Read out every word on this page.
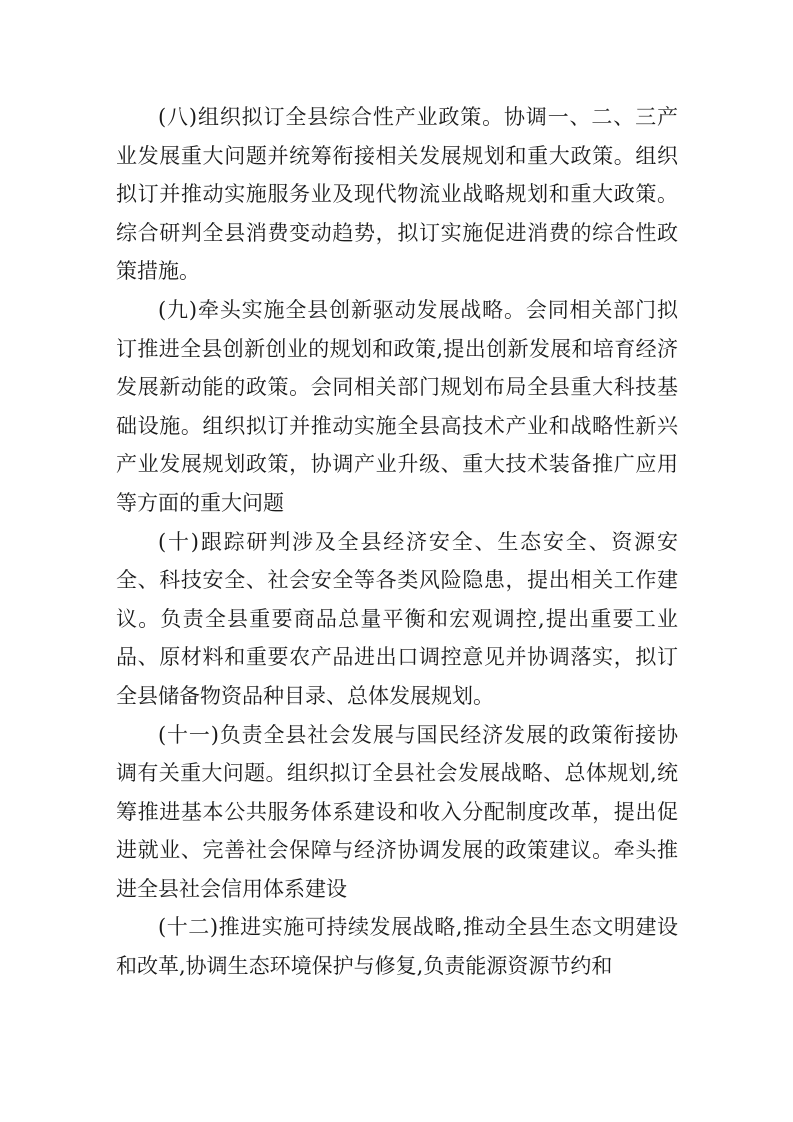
(八)组织拟订全县综合性产业政策。协调一、二、三产业发展重大问题并统筹衔接相关发展规划和重大政策。组织拟订并推动实施服务业及现代物流业战略规划和重大政策。综合研判全县消费变动趋势，拟订实施促进消费的综合性政策措施。

(九)牵头实施全县创新驱动发展战略。会同相关部门拟订推进全县创新创业的规划和政策,提出创新发展和培育经济发展新动能的政策。会同相关部门规划布局全县重大科技基础设施。组织拟订并推动实施全县高技术产业和战略性新兴产业发展规划政策，协调产业升级、重大技术装备推广应用等方面的重大问题

(十)跟踪研判涉及全县经济安全、生态安全、资源安全、科技安全、社会安全等各类风险隐患，提出相关工作建议。负责全县重要商品总量平衡和宏观调控,提出重要工业品、原材料和重要农产品进出口调控意见并协调落实，拟订全县储备物资品种目录、总体发展规划。

(十一)负责全县社会发展与国民经济发展的政策衔接协调有关重大问题。组织拟订全县社会发展战略、总体规划,统筹推进基本公共服务体系建设和收入分配制度改革，提出促进就业、完善社会保障与经济协调发展的政策建议。牵头推进全县社会信用体系建设

(十二)推进实施可持续发展战略,推动全县生态文明建设和改革,协调生态环境保护与修复,负责能源资源节约和
